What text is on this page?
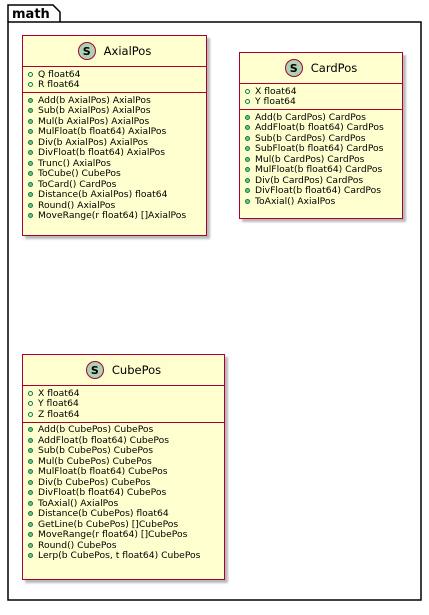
math
S	AxialPos
Q float64
R float64
Add(b AxialPos) AxialPos
Sub(b AxialPos) AxialPos
Mul(b AxialPos) AxialPos
MulFloat(b float64) AxialPos
Div(b AxialPos) AxialPos
DivFloat(b float64) AxialPos
Trunc() AxialPos
ToCube() CubePos
ToCard() CardPos
Distance(b AxialPos) float64
Round() AxialPos
MoveRange(r float64) []AxialPos
S	CardPos
X float64
Y float64
Add(b CardPos) CardPos
AddFloat(b float64) CardPos
Sub(b CardPos) CardPos
SubFloat(b float64) CardPos
Mul(b CardPos) CardPos
MulFloat(b float64) CardPos
Div(b CardPos) CardPos
DivFloat(b float64) CardPos
ToAxial() AxialPos
S	CubePos
X float64
Y float64
Z float64
Add(b CubePos) CubePos
AddFloat(b float64) CubePos
Sub(b CubePos) CubePos
Mul(b CubePos) CubePos
MulFloat(b float64) CubePos
Div(b CubePos) CubePos
DivFloat(b float64) CubePos
ToAxial() AxialPos
Distance(b CubePos) float64
GetLine(b CubePos) []CubePos
MoveRange(r float64) []CubePos
Round() CubePos
Lerp(b CubePos, t float64) CubePos
